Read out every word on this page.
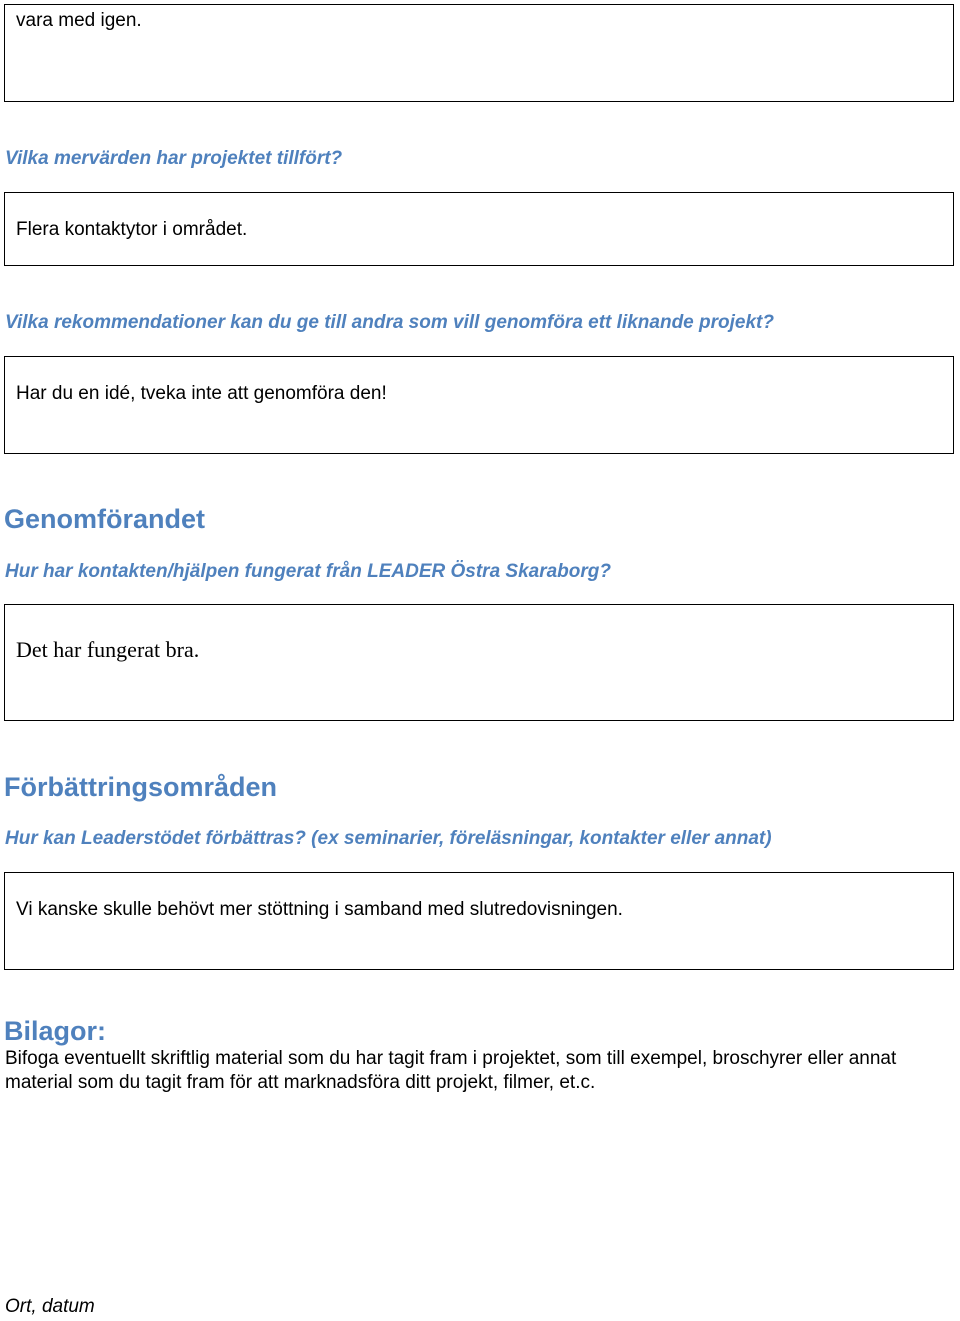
vara med igen.
Vilka mervärden har projektet tillfört?
Flera kontaktytor i området.
Vilka rekommendationer kan du ge till andra som vill genomföra ett liknande projekt?
Har du en idé, tveka inte att genomföra den!
Genomförandet
Hur har kontakten/hjälpen fungerat från LEADER Östra Skaraborg?
Det har fungerat bra.
Förbättringsområden
Hur kan Leaderstödet förbättras? (ex seminarier, föreläsningar, kontakter eller annat)
Vi kanske skulle behövt mer stöttning i samband med slutredovisningen.
Bilagor:
Bifoga eventuellt skriftlig material som du har tagit fram i projektet, som till exempel, broschyrer eller annat material som du tagit fram för att marknadsföra ditt projekt, filmer, et.c.
Ort, datum
